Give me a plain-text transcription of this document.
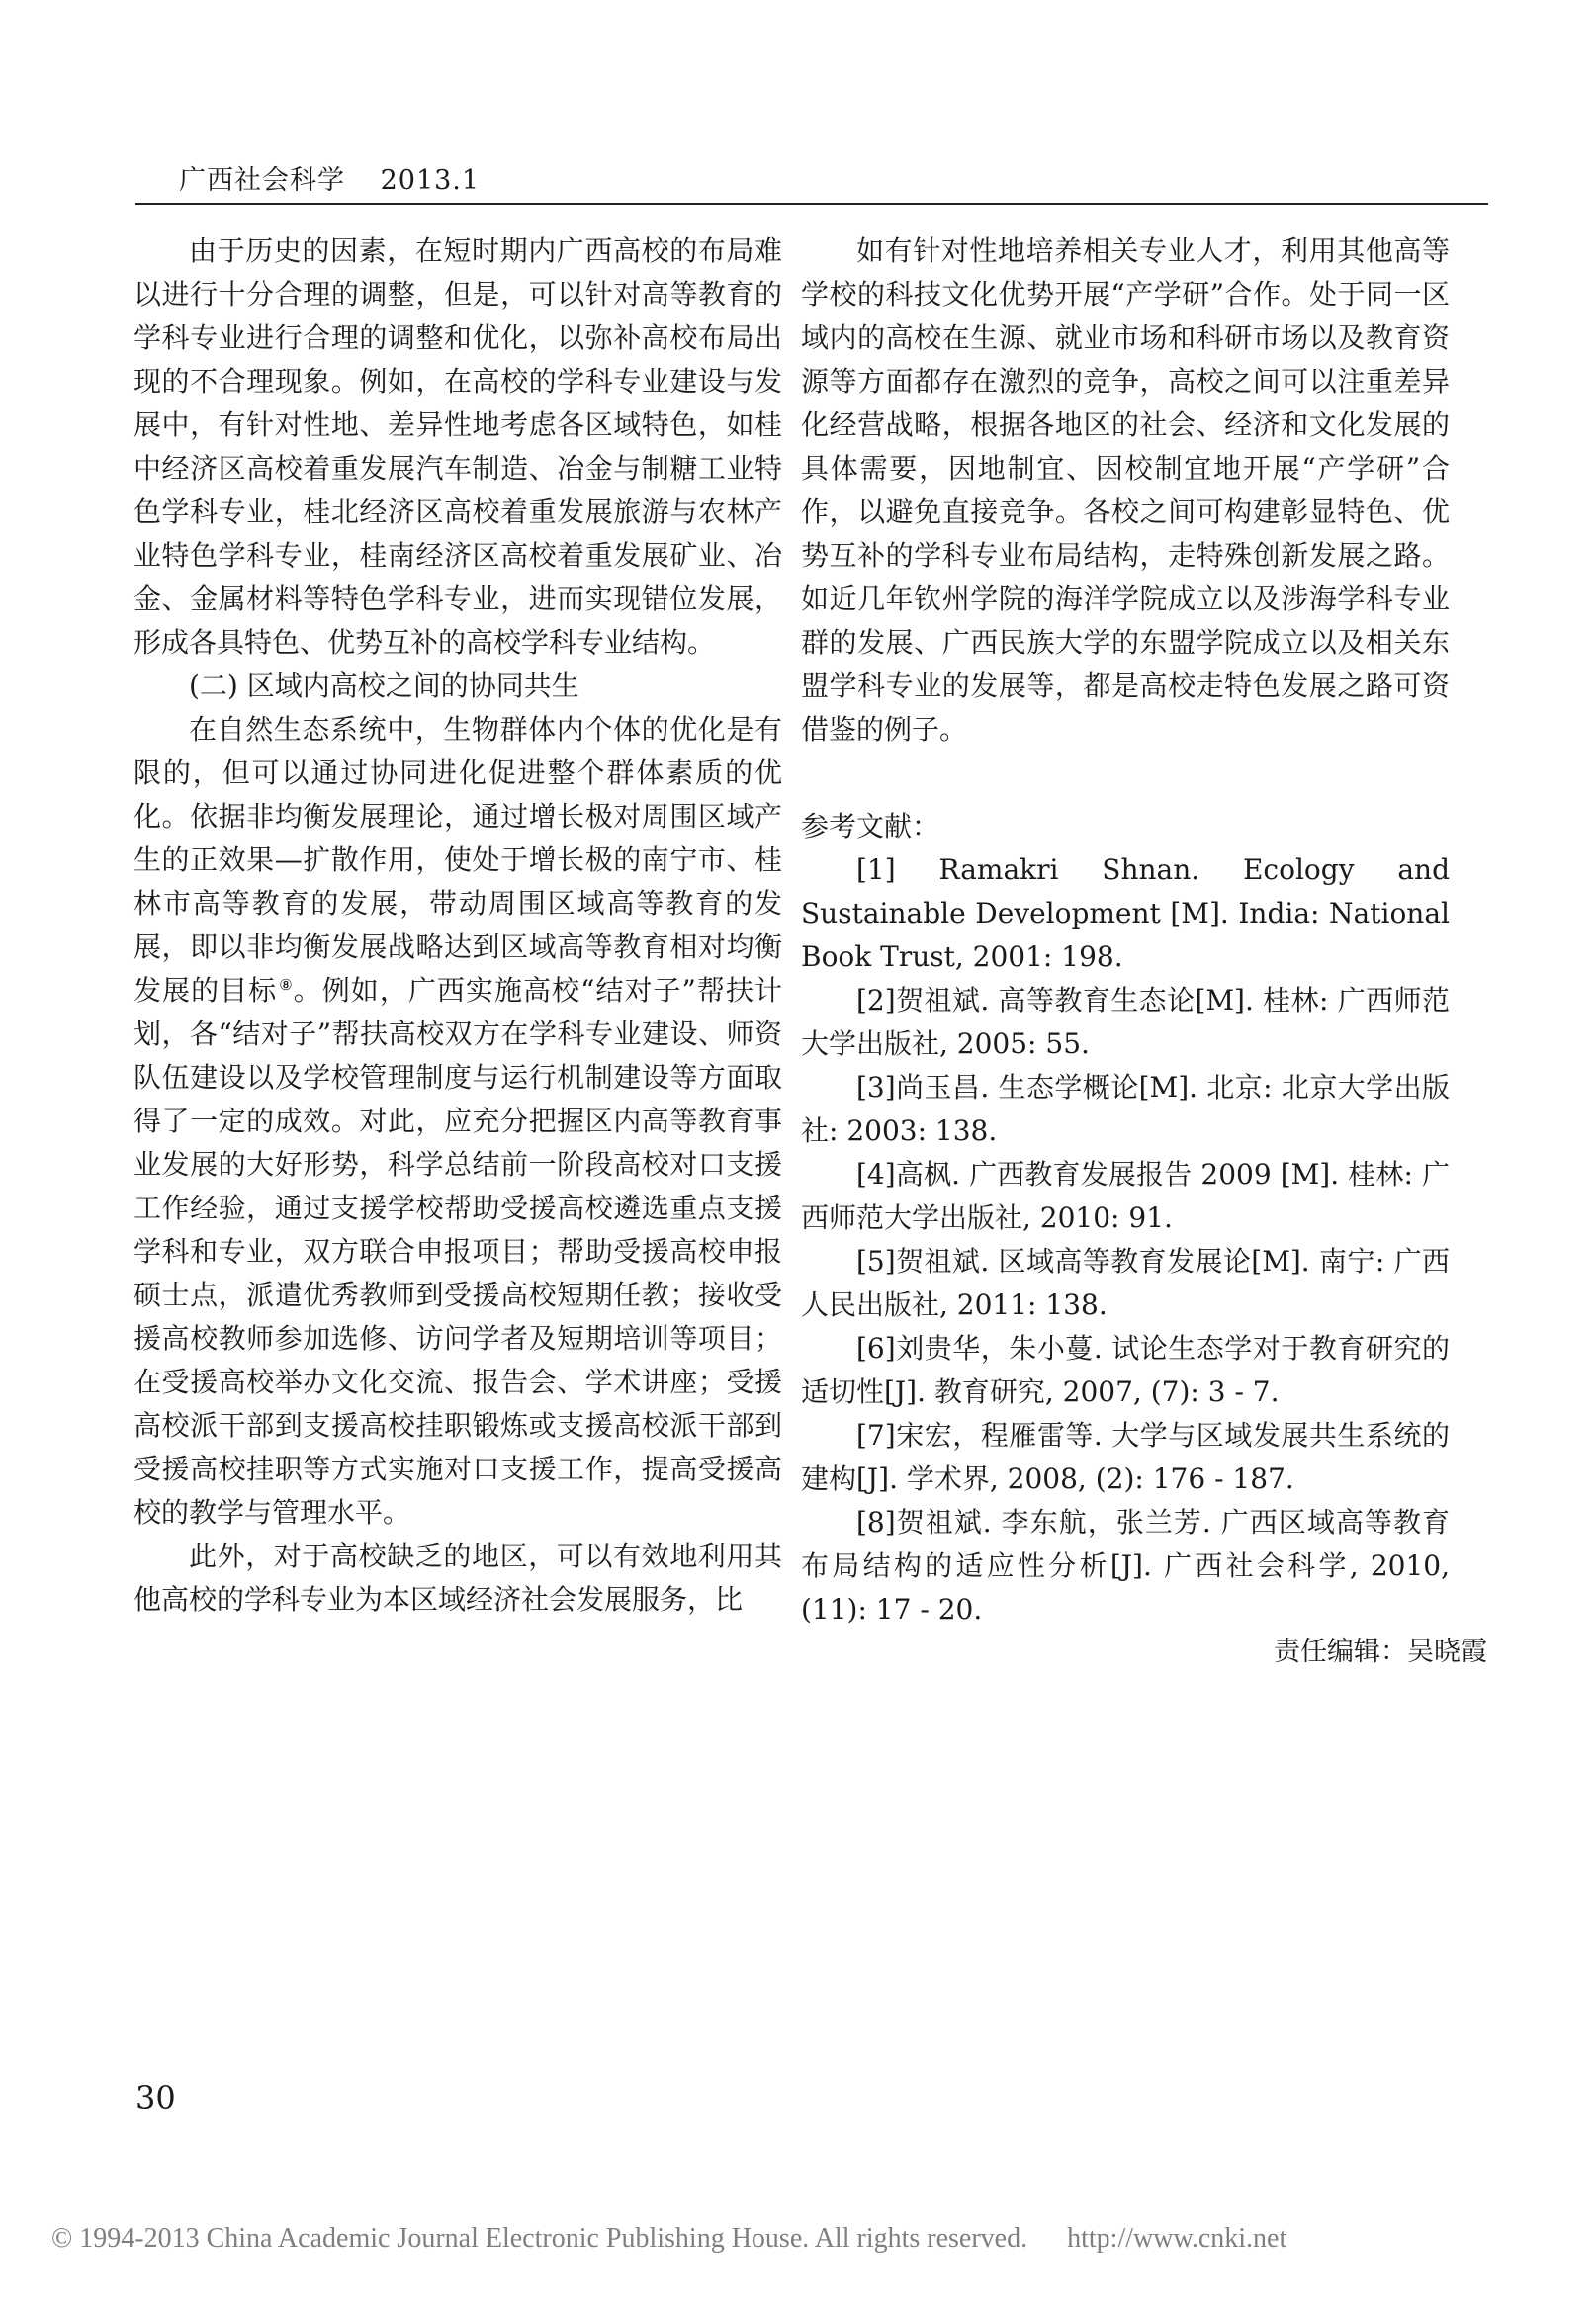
广西社会科学 2013.1

由于历史的因素，在短时期内广西高校的布局难以进行十分合理的调整，但是，可以针对高等教育的学科专业进行合理的调整和优化，以弥补高校布局出现的不合理现象。例如，在高校的学科专业建设与发展中，有针对性地、差异性地考虑各区域特色，如桂中经济区高校着重发展汽车制造、冶金与制糖工业特色学科专业，桂北经济区高校着重发展旅游与农林产业特色学科专业，桂南经济区高校着重发展矿业、冶金、金属材料等特色学科专业，进而实现错位发展，形成各具特色、优势互补的高校学科专业结构。

(二) 区域内高校之间的协同共生

在自然生态系统中，生物群体内个体的优化是有限的，但可以通过协同进化促进整个群体素质的优化。依据非均衡发展理论，通过增长极对周围区域产生的正效果—扩散作用，使处于增长极的南宁市、桂林市高等教育的发展，带动周围区域高等教育的发展，即以非均衡发展战略达到区域高等教育相对均衡发展的目标 ⑧。例如，广西实施高校“结对子”帮扶计划，各“结对子”帮扶高校双方在学科专业建设、师资队伍建设以及学校管理制度与运行机制建设等方面取得了一定的成效。对此，应充分把握区内高等教育事业发展的大好形势，科学总结前一阶段高校对口支援工作经验，通过支援学校帮助受援高校遴选重点支援学科和专业，双方联合申报项目；帮助受援高校申报硕士点，派遣优秀教师到受援高校短期任教；接收受援高校教师参加选修、访问学者及短期培训等项目；在受援高校举办文化交流、报告会、学术讲座；受援高校派干部到支援高校挂职锻炼或支援高校派干部到受援高校挂职等方式实施对口支援工作，提高受援高校的教学与管理水平。

此外，对于高校缺乏的地区，可以有效地利用其他高校的学科专业为本区域经济社会发展服务，比

如有针对性地培养相关专业人才，利用其他高等学校的科技文化优势开展“产学研”合作。处于同一区域内的高校在生源、就业市场和科研市场以及教育资源等方面都存在激烈的竞争，高校之间可以注重差异化经营战略，根据各地区的社会、经济和文化发展的具体需要，因地制宜、因校制宜地开展“产学研”合作，以避免直接竞争。各校之间可构建彰显特色、优势互补的学科专业布局结构，走特殊创新发展之路。如近几年钦州学院的海洋学院成立以及涉海学科专业群的发展、广西民族大学的东盟学院成立以及相关东盟学科专业的发展等，都是高校走特色发展之路可资借鉴的例子。

参考文献：

[1] Ramakri Shnan. Ecology and Sustainable Development [M]. India: National Book Trust, 2001: 198.

[2]贺祖斌. 高等教育生态论[M]. 桂林: 广西师范大学出版社, 2005: 55.

[3]尚玉昌. 生态学概论[M]. 北京: 北京大学出版社: 2003: 138.

[4]高枫. 广西教育发展报告 2009 [M]. 桂林: 广西师范大学出版社, 2010: 91.

[5]贺祖斌. 区域高等教育发展论[M]. 南宁: 广西人民出版社, 2011: 138.

[6]刘贵华，朱小蔓. 试论生态学对于教育研究的适切性[J]. 教育研究, 2007, (7): 3 - 7.

[7]宋宏，程雁雷等. 大学与区域发展共生系统的建构[J]. 学术界, 2008, (2): 176 - 187.

[8]贺祖斌. 李东航，张兰芳. 广西区域高等教育布局结构的适应性分析[J]. 广西社会科学, 2010, (11): 17 - 20.

责任编辑：吴晓霞
30
© 1994-2013 China Academic Journal Electronic Publishing House. All rights reserved. http://www.cnki.net
